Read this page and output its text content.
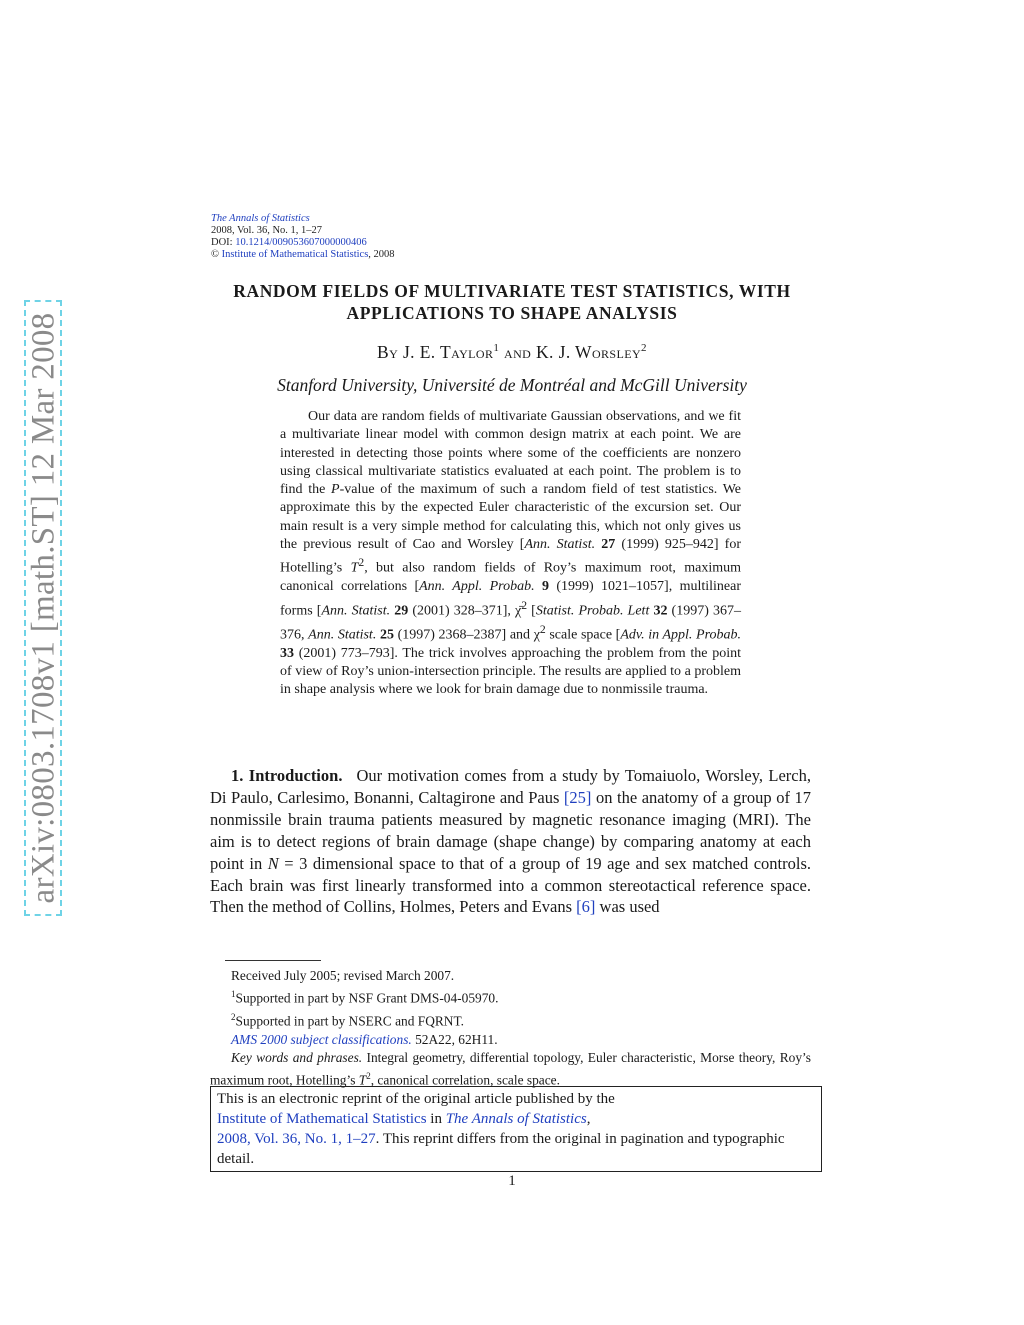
arXiv:0803.1708v1 [math.ST] 12 Mar 2008
The Annals of Statistics
2008, Vol. 36, No. 1, 1–27
DOI: 10.1214/009053607000000406
© Institute of Mathematical Statistics, 2008
RANDOM FIELDS OF MULTIVARIATE TEST STATISTICS, WITH
APPLICATIONS TO SHAPE ANALYSIS
By J. E. Taylor$^1$ and K. J. Worsley$^2$
Stanford University, Université de Montréal and McGill University
Our data are random fields of multivariate Gaussian observations, and we fit a multivariate linear model with common design matrix at each point. We are interested in detecting those points where some of the coefficients are nonzero using classical multivariate statistics evaluated at each point. The problem is to find the P-value of the maximum of such a random field of test statistics. We approximate this by the expected Euler characteristic of the excursion set. Our main result is a very simple method for calculating this, which not only gives us the previous result of Cao and Worsley [Ann. Statist. 27 (1999) 925–942] for Hotelling’s $T^2$, but also random fields of Roy’s maximum root, maximum canonical correlations [Ann. Appl. Probab. 9 (1999) 1021–1057], multilinear forms [Ann. Statist. 29 (2001) 328–371], χ̄$^2$ [Statist. Probab. Lett 32 (1997) 367–376, Ann. Statist. 25 (1997) 2368–2387] and $\chi^2$ scale space [Adv. in Appl. Probab. 33 (2001) 773–793]. The trick involves approaching the problem from the point of view of Roy’s union-intersection principle. The results are applied to a problem in shape analysis where we look for brain damage due to nonmissile trauma.
1. Introduction. Our motivation comes from a study by Tomaiuolo, Worsley, Lerch, Di Paulo, Carlesimo, Bonanni, Caltagirone and Paus [25] on the anatomy of a group of 17 nonmissile brain trauma patients measured by magnetic resonance imaging (MRI). The aim is to detect regions of brain damage (shape change) by comparing anatomy at each point in N = 3 dimensional space to that of a group of 19 age and sex matched controls. Each brain was first linearly transformed into a common stereotactical reference space. Then the method of Collins, Holmes, Peters and Evans [6] was used
Received July 2005; revised March 2007.
$^1$Supported in part by NSF Grant DMS-04-05970.
$^2$Supported in part by NSERC and FQRNT.
AMS 2000 subject classifications. 52A22, 62H11.
Key words and phrases. Integral geometry, differential topology, Euler characteristic, Morse theory, Roy’s maximum root, Hotelling’s $T^2$, canonical correlation, scale space.
This is an electronic reprint of the original article published by the
Institute of Mathematical Statistics in The Annals of Statistics,
2008, Vol. 36, No. 1, 1–27. This reprint differs from the original in pagination and typographic detail.
1
